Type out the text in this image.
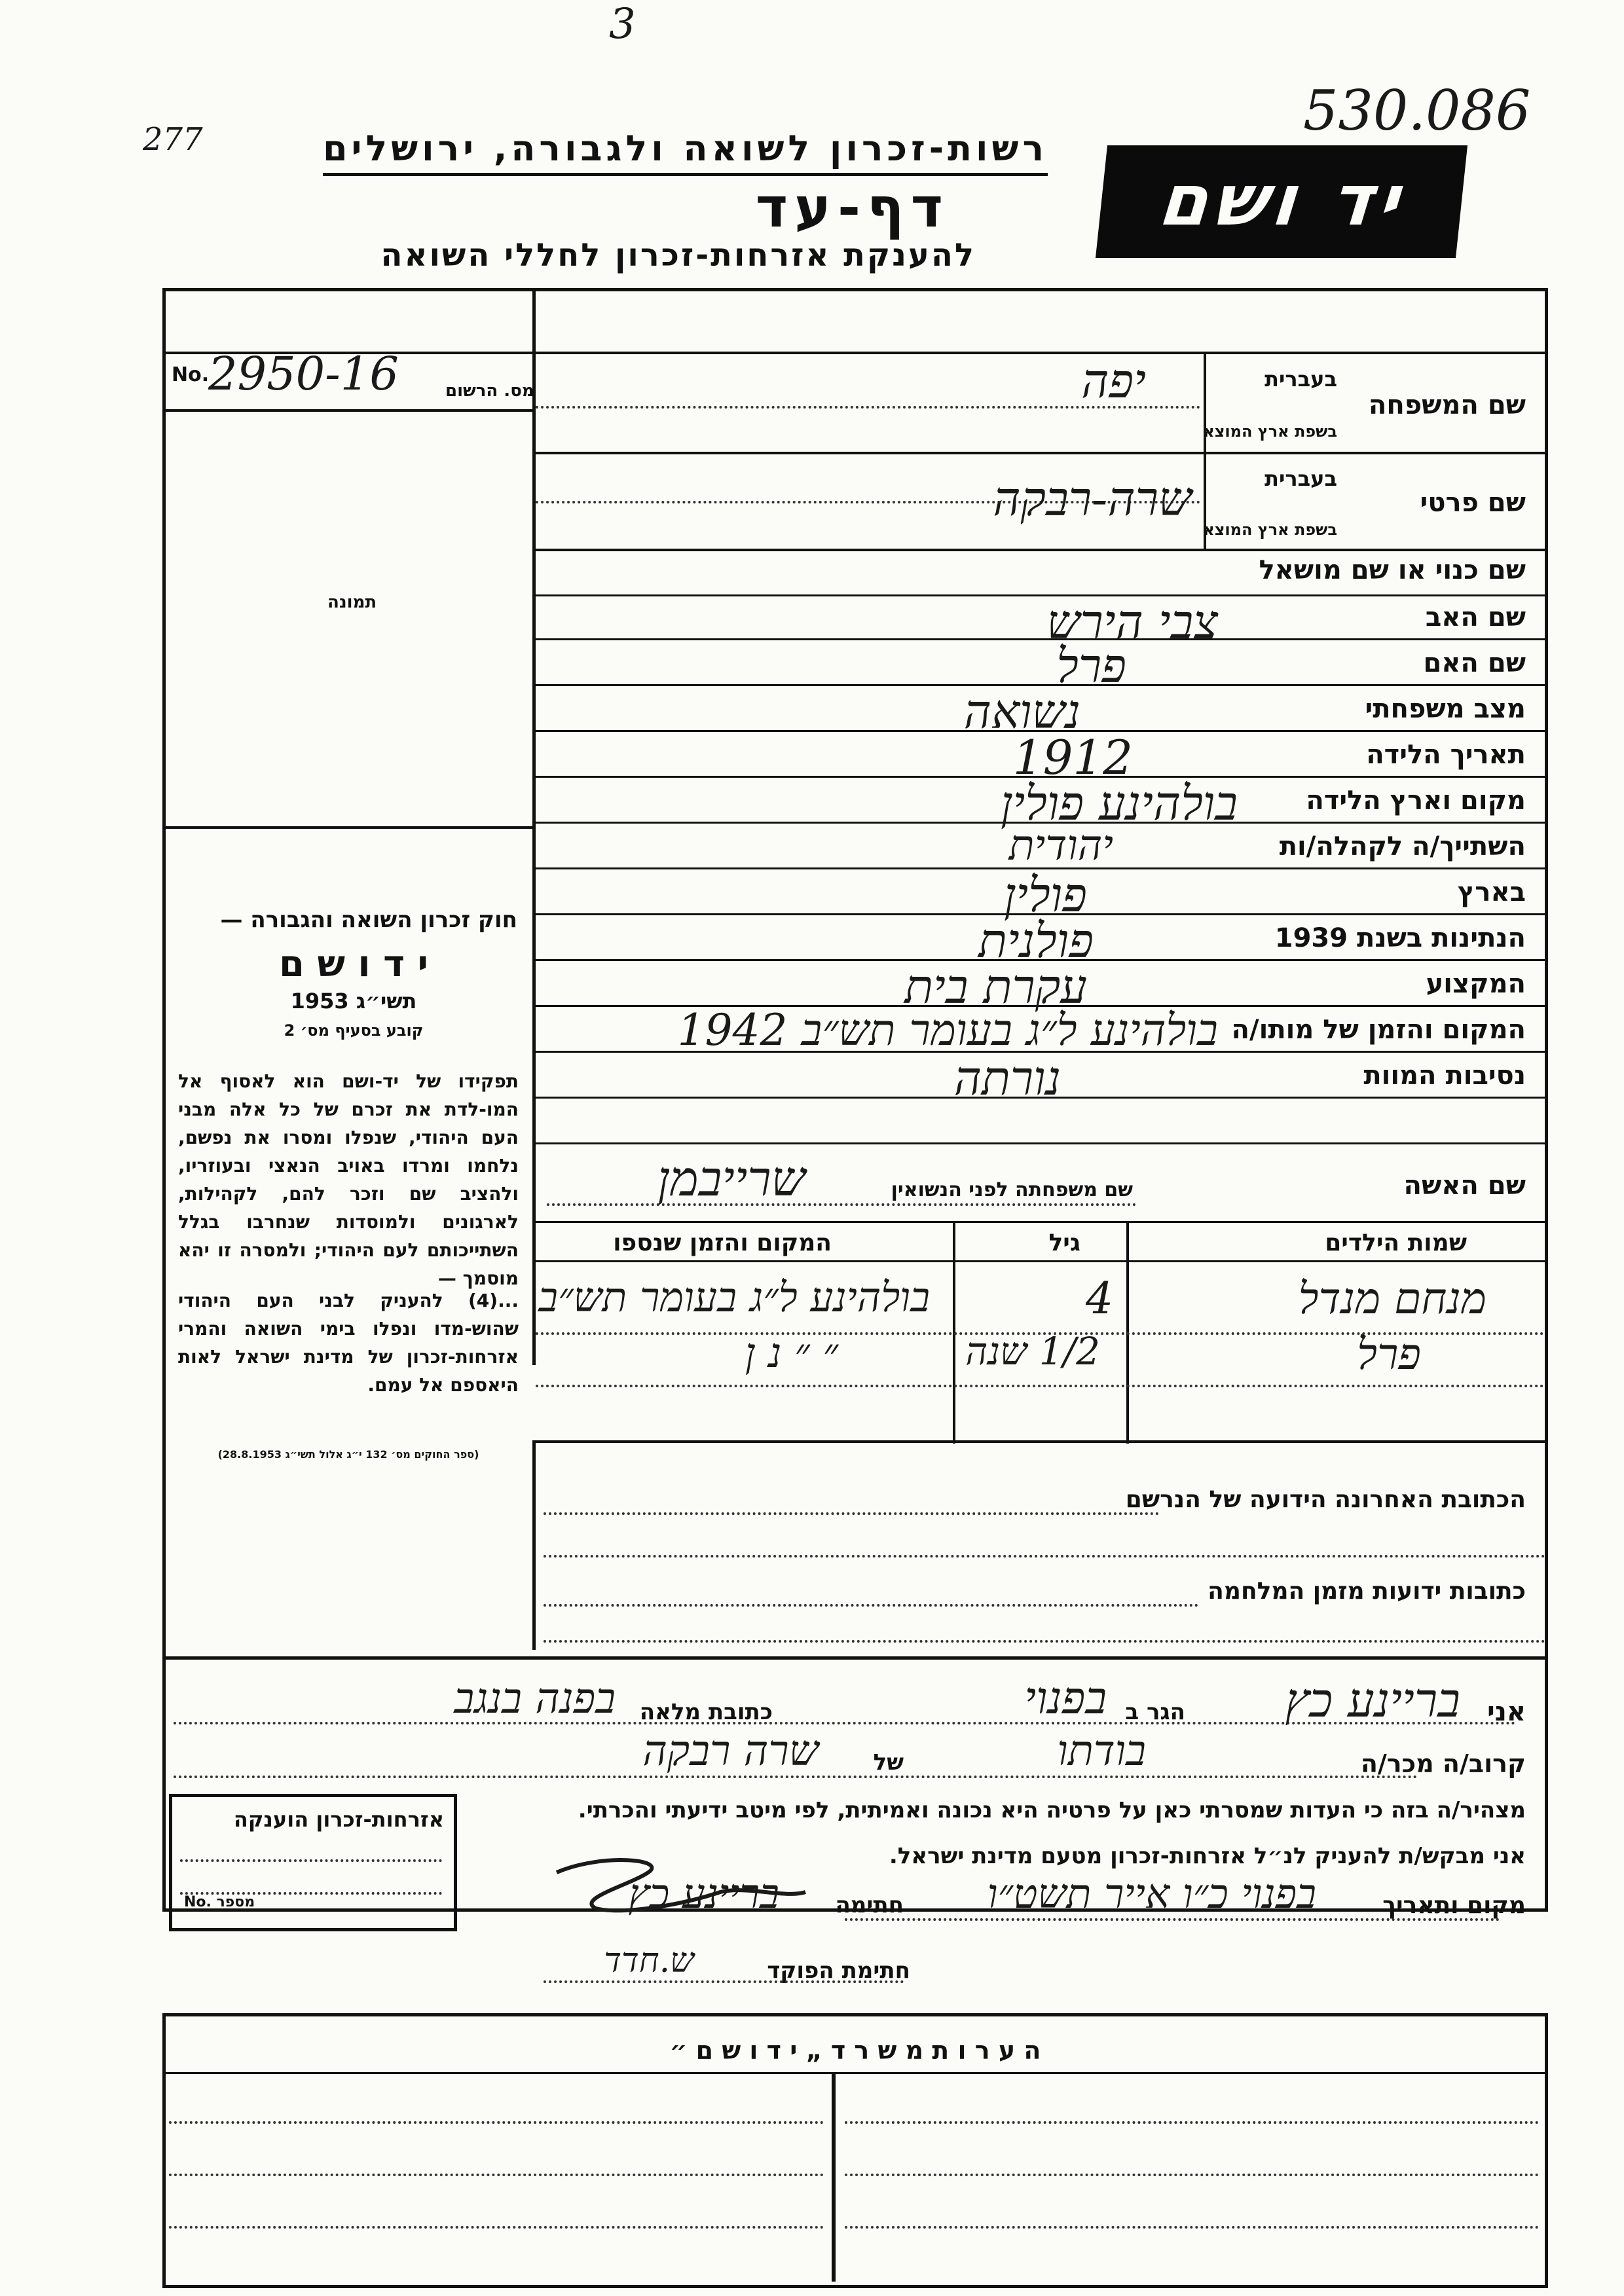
3
530.086
277	רשות-זכרון לשואה ולגבורה, ירושלים
דף-עד
להענקת אזרחות-זכרון לחללי השואה
יד ושם
No.
2950-16	מס. הרשום
תמונה
חוק זכרון השואה והגבורה —
י ד ו ש ם
תשי״ג 1953
קובע בסעיף מס׳ 2
תפקידו של יד-ושם הוא לאסוף אל המו-לדת את זכרם של כל אלה מבני העם היהודי, שנפלו ומסרו את נפשם, נלחמו ומרדו באויב הנאצי ובעוזריו, ולהציב שם וזכר להם, לקהילות, לארגונים ולמוסדות שנחרבו בגלל השתייכותם לעם היהודי; ולמסרה זו יהא מוסמך —
...(4) להעניק לבני העם היהודי שהוש-מדו ונפלו בימי השואה והמרי אזרחות-זכרון של מדינת ישראל לאות היאספם אל עמם.
(ספר החוקים מס׳ 132 י״ג אלול תשי״ג 28.8.1953)
שם המשפחה
בעברית
בשפת ארץ המוצא
יפה
שם פרטי
בעברית
בשפת ארץ המוצא
שרה-רבקה
שם כנוי או שם מושאל
שם האב
צבי הירש
שם האם
פרל
מצב משפחתי
נשואה
תאריך הלידה
1912
מקום וארץ הלידה
בולהינע פולין
השתייך/ה לקהלה/ות
יהודית
בארץ
פולין
הנתינות בשנת 1939
פולנית
המקצוע
עקרת בית
המקום והזמן של מותו/ה
בולהינע ל״ג בעומר תש״ב 1942
נסיבות המוות
נורתה
שם האשה
שם משפחתה לפני הנשואין
שרייבמן
שמות הילדים
גיל
המקום והזמן שנספו
מנחם מנדל
4
בולהינע ל״ג בעומר תש״ב
פרל
1/2 שנה
״ ״ נ ן
הכתובת האחרונה הידועה של הנרשם
כתובות ידועות מזמן המלחמה
אני
בריינע כץ
הגר ב
בפנוי
כתובת מלאה
בפנה בנגב
קרוב/ה מכר/ה
בודתו
של
שרה רבקה
מצהיר/ה בזה כי העדות שמסרתי כאן על פרטיה היא נכונה ואמיתית, לפי מיטב ידיעתי והכרתי.
אני מבקש/ת להעניק לנ״ל אזרחות-זכרון מטעם מדינת ישראל.
מקום ותאריך
בפנוי כ״ו אייר תשט״ו
חתימה
בריינע כץ
חתימת הפוקד
ש.חדד
אזרחות-זכרון הוענקה
No. מספר
ה ע ר ו ת מ ש ר ד „ י ד ו ש ם ״
